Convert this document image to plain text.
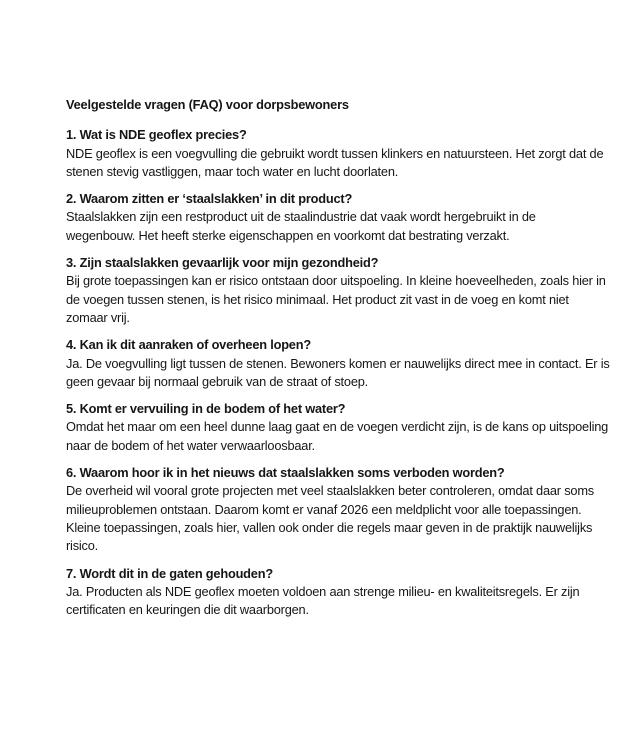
Veelgestelde vragen (FAQ) voor dorpsbewoners
1. Wat is NDE geoflex precies?
NDE geoflex is een voegvulling die gebruikt wordt tussen klinkers en natuursteen. Het zorgt dat de
stenen stevig vastliggen, maar toch water en lucht doorlaten.
2. Waarom zitten er ‘staalslakken’ in dit product?
Staalslakken zijn een restproduct uit de staalindustrie dat vaak wordt hergebruikt in de
wegenbouw. Het heeft sterke eigenschappen en voorkomt dat bestrating verzakt.
3. Zijn staalslakken gevaarlijk voor mijn gezondheid?
Bij grote toepassingen kan er risico ontstaan door uitspoeling. In kleine hoeveelheden, zoals hier in
de voegen tussen stenen, is het risico minimaal. Het product zit vast in de voeg en komt niet
zomaar vrij.
4. Kan ik dit aanraken of overheen lopen?
Ja. De voegvulling ligt tussen de stenen. Bewoners komen er nauwelijks direct mee in contact. Er is
geen gevaar bij normaal gebruik van de straat of stoep.
5. Komt er vervuiling in de bodem of het water?
Omdat het maar om een heel dunne laag gaat en de voegen verdicht zijn, is de kans op uitspoeling
naar de bodem of het water verwaarloosbaar.
6. Waarom hoor ik in het nieuws dat staalslakken soms verboden worden?
De overheid wil vooral grote projecten met veel staalslakken beter controleren, omdat daar soms
milieuproblemen ontstaan. Daarom komt er vanaf 2026 een meldplicht voor alle toepassingen.
Kleine toepassingen, zoals hier, vallen ook onder die regels maar geven in de praktijk nauwelijks
risico.
7. Wordt dit in de gaten gehouden?
Ja. Producten als NDE geoflex moeten voldoen aan strenge milieu- en kwaliteitsregels. Er zijn
certificaten en keuringen die dit waarborgen.
